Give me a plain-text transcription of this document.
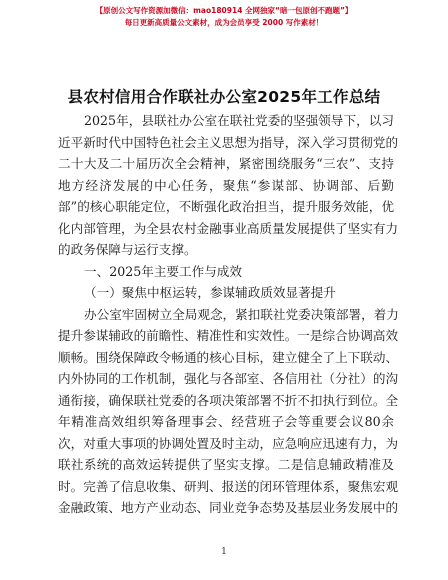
【原创公文写作资源加微信：mao180914 全网独家“暗一包原创不跑题”】
每日更新高质量公文素材，成为会员享受 2000 写作素材！
县农村信用合作联社办公室2025年工作总结
2025年，县联社办公室在联社党委的坚强领导下，以习
近平新时代中国特色社会主义思想为指导，深入学习贯彻党的
二十大及二十届历次全会精神，紧密围绕服务“三农”、支持
地方经济发展的中心任务，聚焦“参谋部、协调部、后勤
部”的核心职能定位，不断强化政治担当，提升服务效能，优
化内部管理，为全县农村金融事业高质量发展提供了坚实有力
的政务保障与运行支撑。
一、2025年主要工作与成效
（一）聚焦中枢运转，参谋辅政质效显著提升
办公室牢固树立全局观念，紧扣联社党委决策部署，着力
提升参谋辅政的前瞻性、精准性和实效性。一是综合协调高效
顺畅。围绕保障政令畅通的核心目标，建立健全了上下联动、
内外协同的工作机制，强化与各部室、各信用社（分社）的沟
通衔接，确保联社党委的各项决策部署不折不扣执行到位。全
年精准高效组织筹备理事会、经营班子会等重要会议80余
次，对重大事项的协调处置及时主动，应急响应迅速有力，为
联社系统的高效运转提供了坚实支撑。二是信息辅政精准及
时。完善了信息收集、研判、报送的闭环管理体系，聚焦宏观
金融政策、地方产业动态、同业竞争态势及基层业务发展中的
1
